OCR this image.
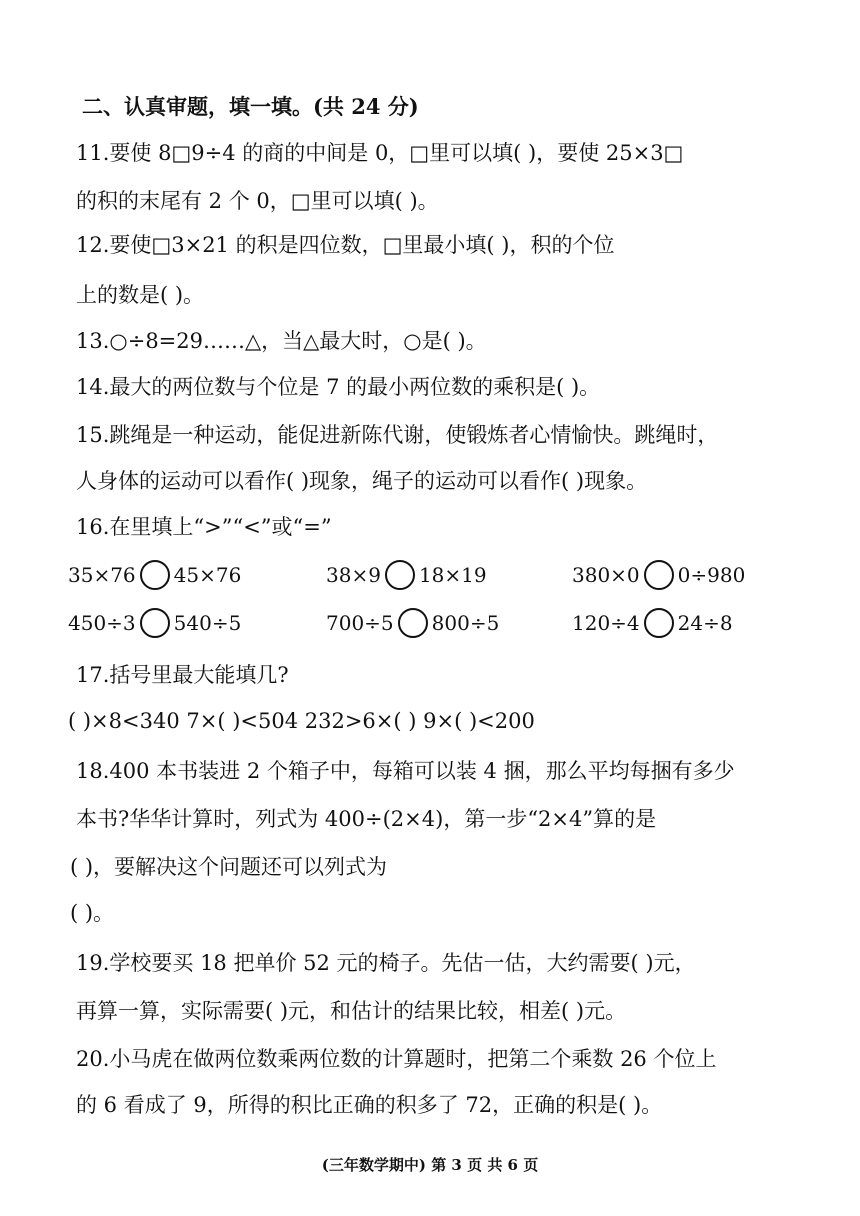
二、认真审题，填一填。(共 24 分)
11.要使 8□9÷4 的商的中间是 0，□里可以填( )，要使 25×3□
的积的末尾有 2 个 0，□里可以填( )。
12.要使□3×21 的积是四位数，□里最小填( )，积的个位
上的数是( )。
13.○÷8=29……△，当△最大时，○是( )。
14.最大的两位数与个位是 7 的最小两位数的乘积是( )。
15.跳绳是一种运动，能促进新陈代谢，使锻炼者心情愉快。跳绳时，
人身体的运动可以看作( )现象，绳子的运动可以看作( )现象。
16.在里填上“>”“<”或“=”
35×76 45×76	38×9 18×19	380×0 0÷980
450÷3 540÷5	700÷5 800÷5	120÷4 24÷8
17.括号里最大能填几?
( )×8<340 7×( )<504 232>6×( ) 9×( )<200
18.400 本书装进 2 个箱子中，每箱可以装 4 捆，那么平均每捆有多少
本书?华华计算时，列式为 400÷(2×4)，第一步“2×4”算的是
( )，要解决这个问题还可以列式为
( )。
19.学校要买 18 把单价 52 元的椅子。先估一估，大约需要( )元，
再算一算，实际需要( )元，和估计的结果比较，相差( )元。
20.小马虎在做两位数乘两位数的计算题时，把第二个乘数 26 个位上
的 6 看成了 9，所得的积比正确的积多了 72，正确的积是( )。
(三年数学期中) 第 3 页 共 6 页
